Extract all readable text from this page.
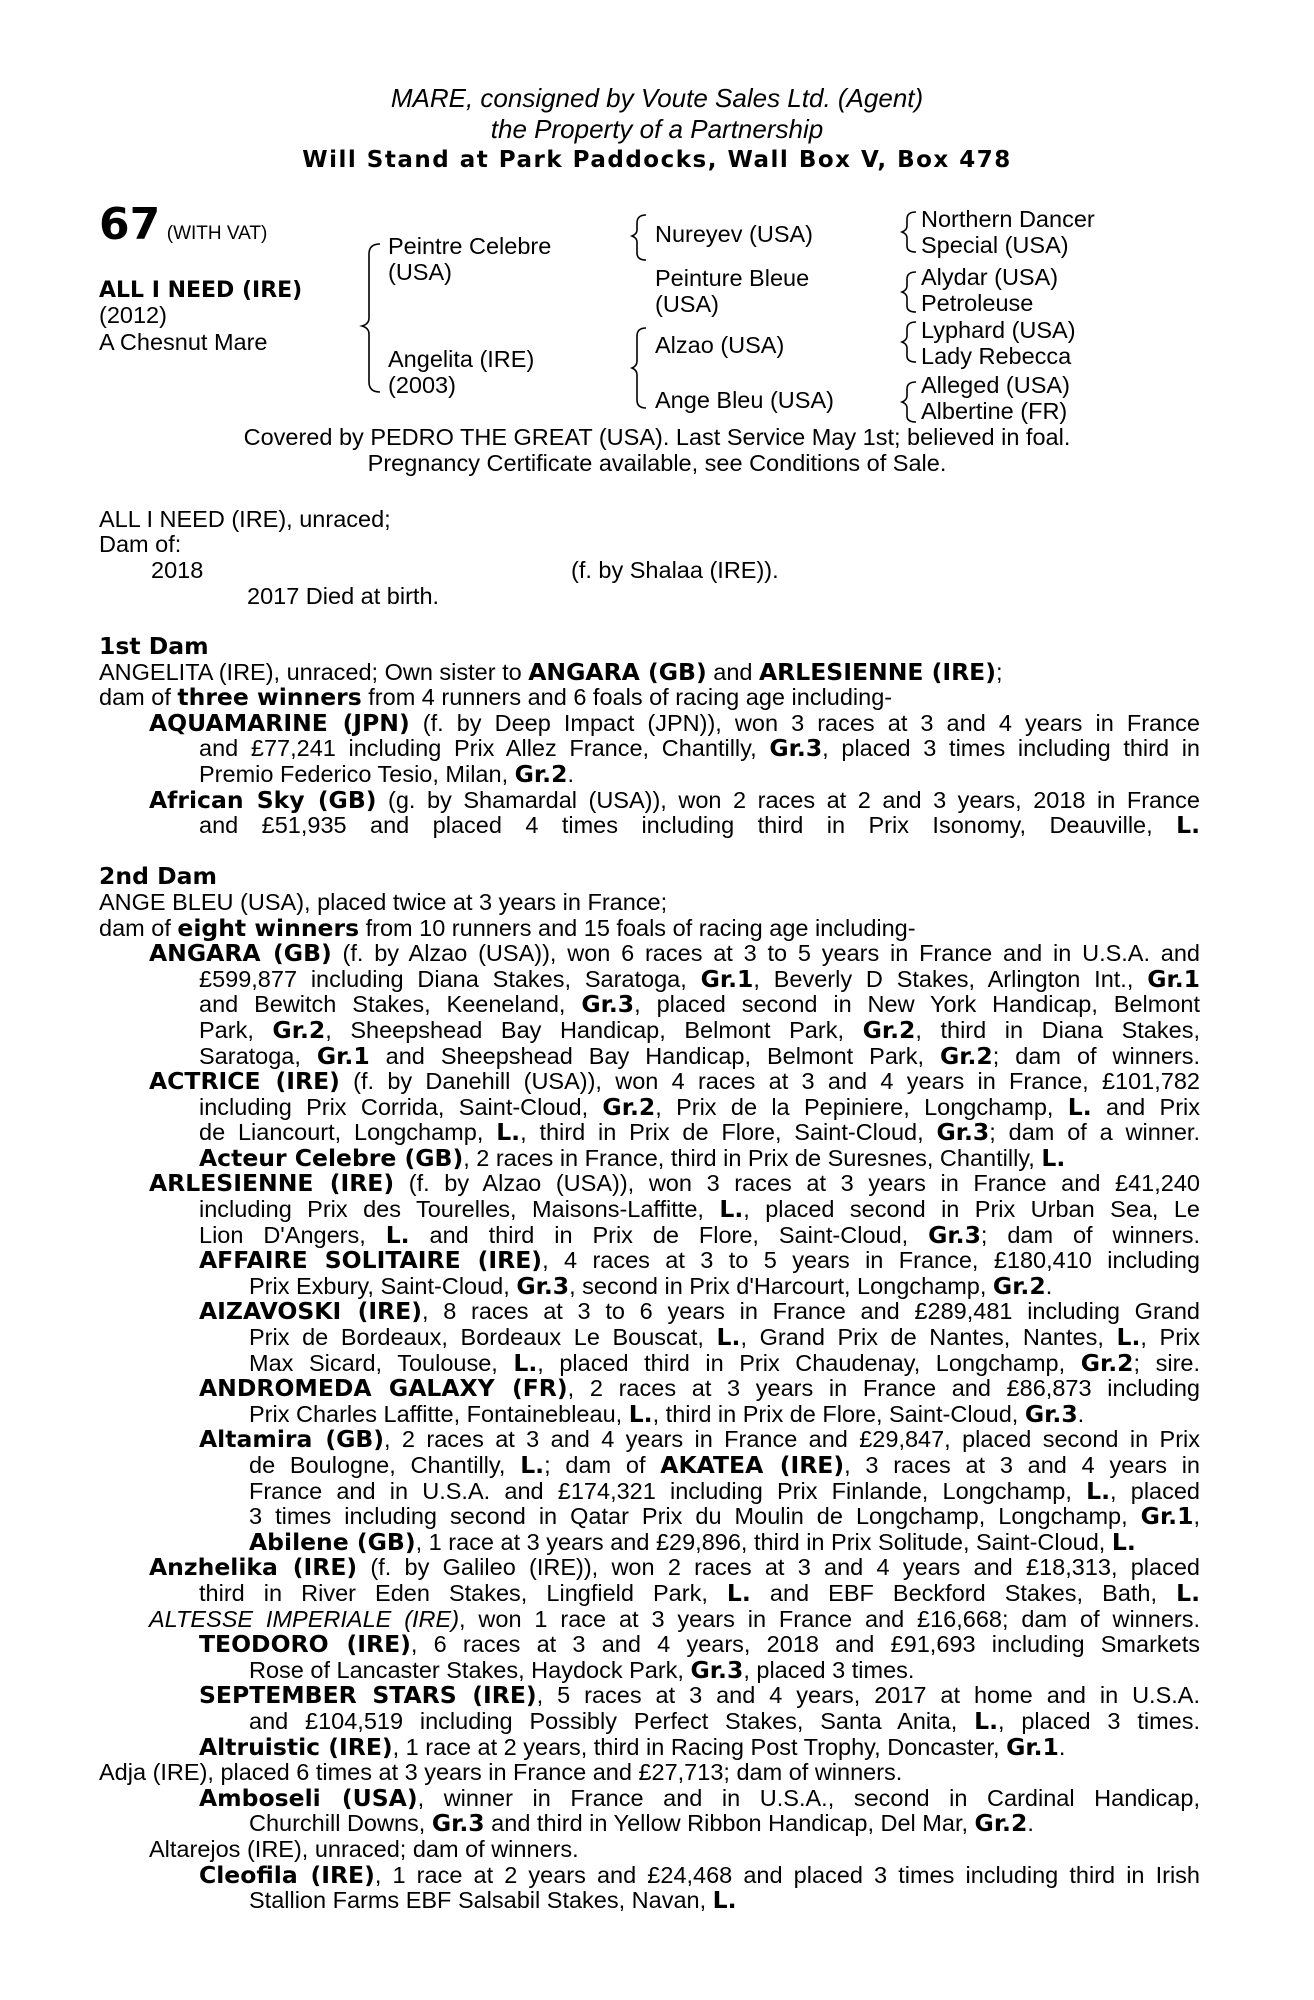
MARE, consigned by Voute Sales Ltd. (Agent)
the Property of a Partnership
Will Stand at Park Paddocks, Wall Box V, Box 478
67 (WITH VAT)
ALL I NEED (IRE)
(2012)
A Chesnut Mare
Peintre Celebre
(USA)
Angelita (IRE)
(2003)
Nureyev (USA)
Peinture Bleue
(USA)
Alzao (USA)
Ange Bleu (USA)
Northern Dancer
Special (USA)
Alydar (USA)
Petroleuse
Lyphard (USA)
Lady Rebecca
Alleged (USA)
Albertine (FR)
Covered by PEDRO THE GREAT (USA). Last Service May 1st; believed in foal.
Pregnancy Certificate available, see Conditions of Sale.
ALL I NEED (IRE), unraced;
Dam of:
2018	(f. by Shalaa (IRE)).
2017 Died at birth.
1st Dam
ANGELITA (IRE), unraced; Own sister to ANGARA (GB) and ARLESIENNE (IRE);
dam of three winners from 4 runners and 6 foals of racing age including-
AQUAMARINE (JPN) (f. by Deep Impact (JPN)), won 3 races at 3 and 4 years in France
and £77,241 including Prix Allez France, Chantilly, Gr.3, placed 3 times including third in
Premio Federico Tesio, Milan, Gr.2.
African Sky (GB) (g. by Shamardal (USA)), won 2 races at 2 and 3 years, 2018 in France
and £51,935 and placed 4 times including third in Prix Isonomy, Deauville, L.

2nd Dam
ANGE BLEU (USA), placed twice at 3 years in France;
dam of eight winners from 10 runners and 15 foals of racing age including-
ANGARA (GB) (f. by Alzao (USA)), won 6 races at 3 to 5 years in France and in U.S.A. and
£599,877 including Diana Stakes, Saratoga, Gr.1, Beverly D Stakes, Arlington Int., Gr.1
and Bewitch Stakes, Keeneland, Gr.3, placed second in New York Handicap, Belmont
Park, Gr.2, Sheepshead Bay Handicap, Belmont Park, Gr.2, third in Diana Stakes,
Saratoga, Gr.1 and Sheepshead Bay Handicap, Belmont Park, Gr.2; dam of winners.
ACTRICE (IRE) (f. by Danehill (USA)), won 4 races at 3 and 4 years in France, £101,782
including Prix Corrida, Saint-Cloud, Gr.2, Prix de la Pepiniere, Longchamp, L. and Prix
de Liancourt, Longchamp, L., third in Prix de Flore, Saint-Cloud, Gr.3; dam of a winner.
Acteur Celebre (GB), 2 races in France, third in Prix de Suresnes, Chantilly, L.
ARLESIENNE (IRE) (f. by Alzao (USA)), won 3 races at 3 years in France and £41,240
including Prix des Tourelles, Maisons-Laffitte, L., placed second in Prix Urban Sea, Le
Lion D'Angers, L. and third in Prix de Flore, Saint-Cloud, Gr.3; dam of winners.
AFFAIRE SOLITAIRE (IRE), 4 races at 3 to 5 years in France, £180,410 including
Prix Exbury, Saint-Cloud, Gr.3, second in Prix d'Harcourt, Longchamp, Gr.2.
AIZAVOSKI (IRE), 8 races at 3 to 6 years in France and £289,481 including Grand
Prix de Bordeaux, Bordeaux Le Bouscat, L., Grand Prix de Nantes, Nantes, L., Prix
Max Sicard, Toulouse, L., placed third in Prix Chaudenay, Longchamp, Gr.2; sire.
ANDROMEDA GALAXY (FR), 2 races at 3 years in France and £86,873 including
Prix Charles Laffitte, Fontainebleau, L., third in Prix de Flore, Saint-Cloud, Gr.3.
Altamira (GB), 2 races at 3 and 4 years in France and £29,847, placed second in Prix
de Boulogne, Chantilly, L.; dam of AKATEA (IRE), 3 races at 3 and 4 years in
France and in U.S.A. and £174,321 including Prix Finlande, Longchamp, L., placed
3 times including second in Qatar Prix du Moulin de Longchamp, Longchamp, Gr.1,
Abilene (GB), 1 race at 3 years and £29,896, third in Prix Solitude, Saint-Cloud, L.
Anzhelika (IRE) (f. by Galileo (IRE)), won 2 races at 3 and 4 years and £18,313, placed
third in River Eden Stakes, Lingfield Park, L. and EBF Beckford Stakes, Bath, L.
ALTESSE IMPERIALE (IRE), won 1 race at 3 years in France and £16,668; dam of winners.
TEODORO (IRE), 6 races at 3 and 4 years, 2018 and £91,693 including Smarkets
Rose of Lancaster Stakes, Haydock Park, Gr.3, placed 3 times.
SEPTEMBER STARS (IRE), 5 races at 3 and 4 years, 2017 at home and in U.S.A.
and £104,519 including Possibly Perfect Stakes, Santa Anita, L., placed 3 times.
Altruistic (IRE), 1 race at 2 years, third in Racing Post Trophy, Doncaster, Gr.1.
Adja (IRE), placed 6 times at 3 years in France and £27,713; dam of winners.
Amboseli (USA), winner in France and in U.S.A., second in Cardinal Handicap,
Churchill Downs, Gr.3 and third in Yellow Ribbon Handicap, Del Mar, Gr.2.
Altarejos (IRE), unraced; dam of winners.
Cleofila (IRE), 1 race at 2 years and £24,468 and placed 3 times including third in Irish
Stallion Farms EBF Salsabil Stakes, Navan, L.
